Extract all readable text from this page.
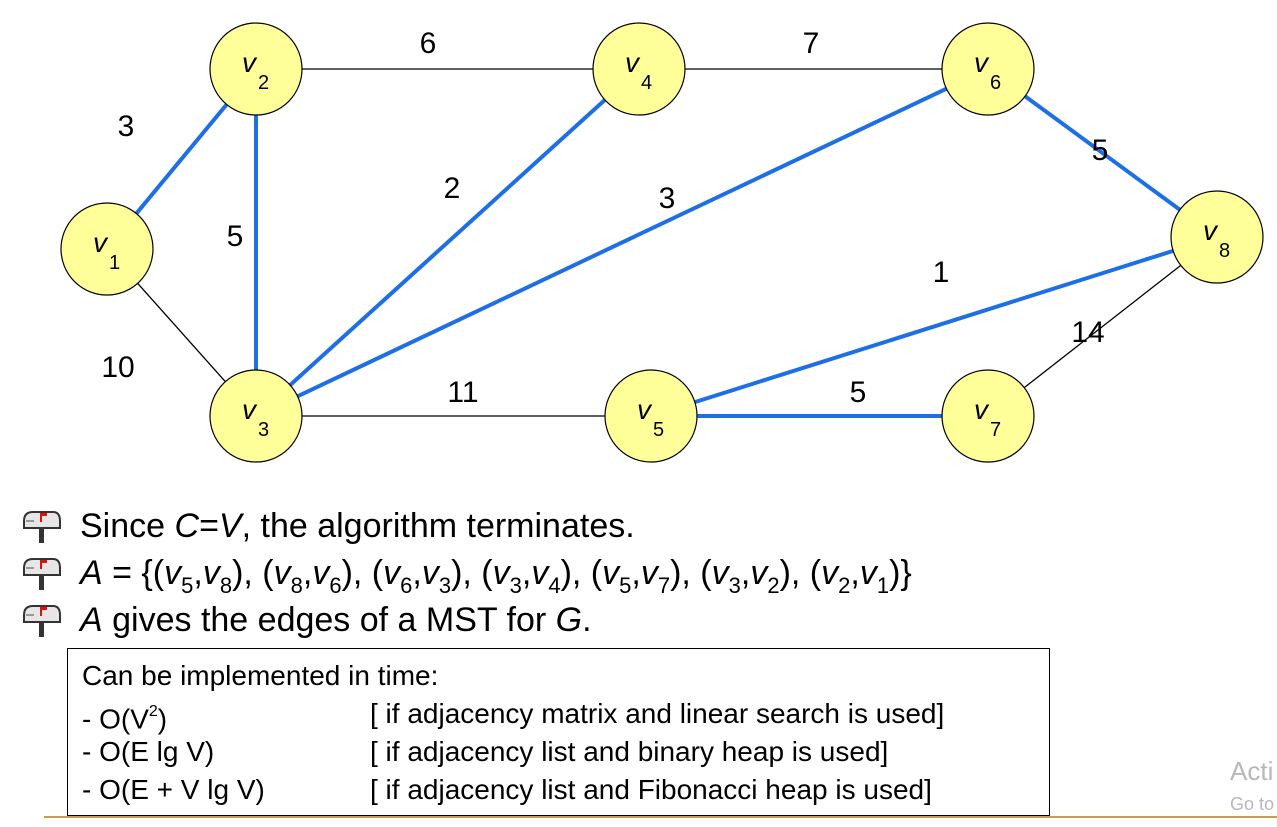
3
10
5
6
2	3
11
7
5
1
5
14
$v_1$
$v_2$
$v_3$
$v_4$
$v_5$
$v_6$
$v_7$
$v_8$
Since C=V, the algorithm terminates.
$A = \{(v_5,v_8)$, $(v_8,v_6)$, $(v_6,v_3)$, $(v_3,v_4)$, $(v_5,v_7)$, $(v_3,v_2)$, $(v_2,v_1)$}
A gives the edges of a MST for G.
Can be implemented in time:
- $O(V^2)$	[ if adjacency matrix and linear search is used]
- O(E lg V)	[ if adjacency list and binary heap is used]
- O(E + V lg V)	[ if adjacency list and Fibonacci heap is used]
Acti
Go to
